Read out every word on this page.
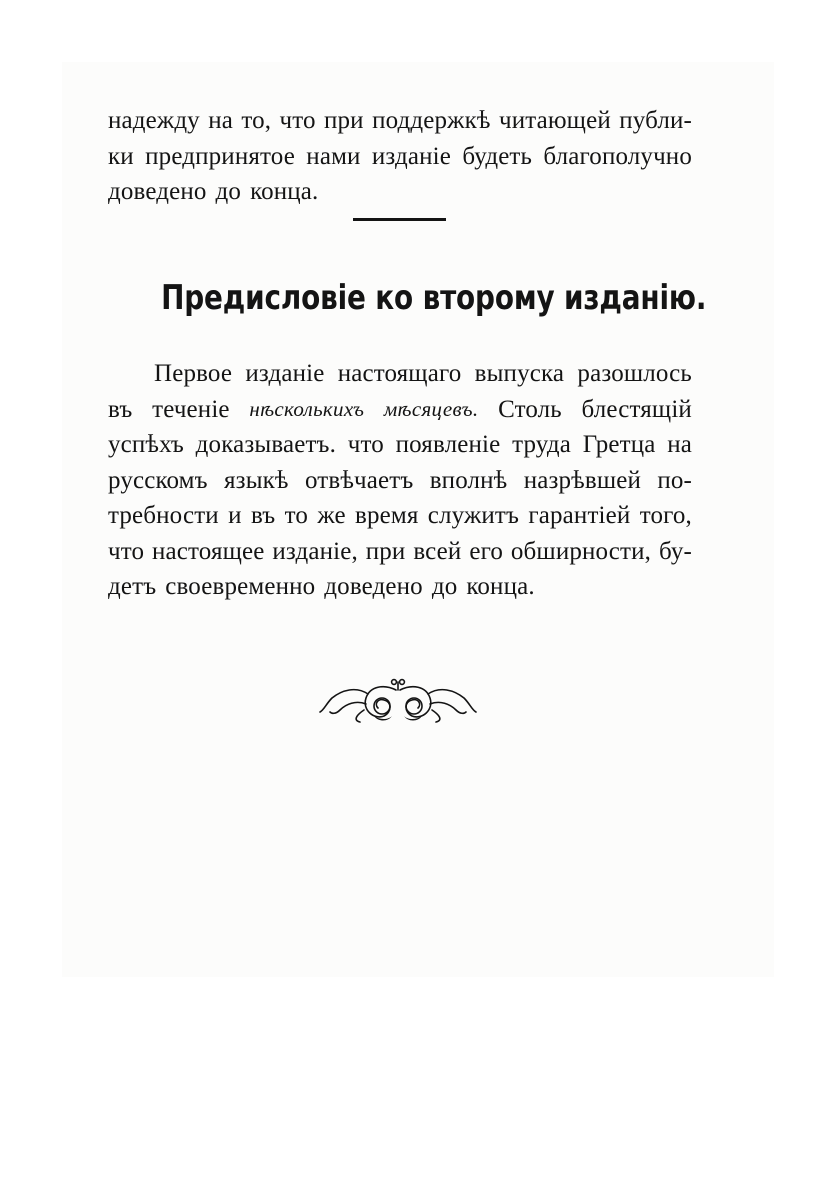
надежду на то, что при поддержкѣ читающей публи-
ки предпринятое нами изданіе будеть благополучно
доведено до конца.
Предисловіе ко второму изданію.
Первое изданіе настоящаго выпуска разошлось
въ теченіе нѣсколькихъ мѣсяцевъ. Столь блестящій
успѣхъ доказываетъ. что появленіе труда Гретца на
русскомъ языкѣ отвѣчаетъ вполнѣ назрѣвшей по-
требности и въ то же время служитъ гарантіей того,
что настоящее изданіе, при всей его обширности, бу-
детъ своевременно доведено до конца.
